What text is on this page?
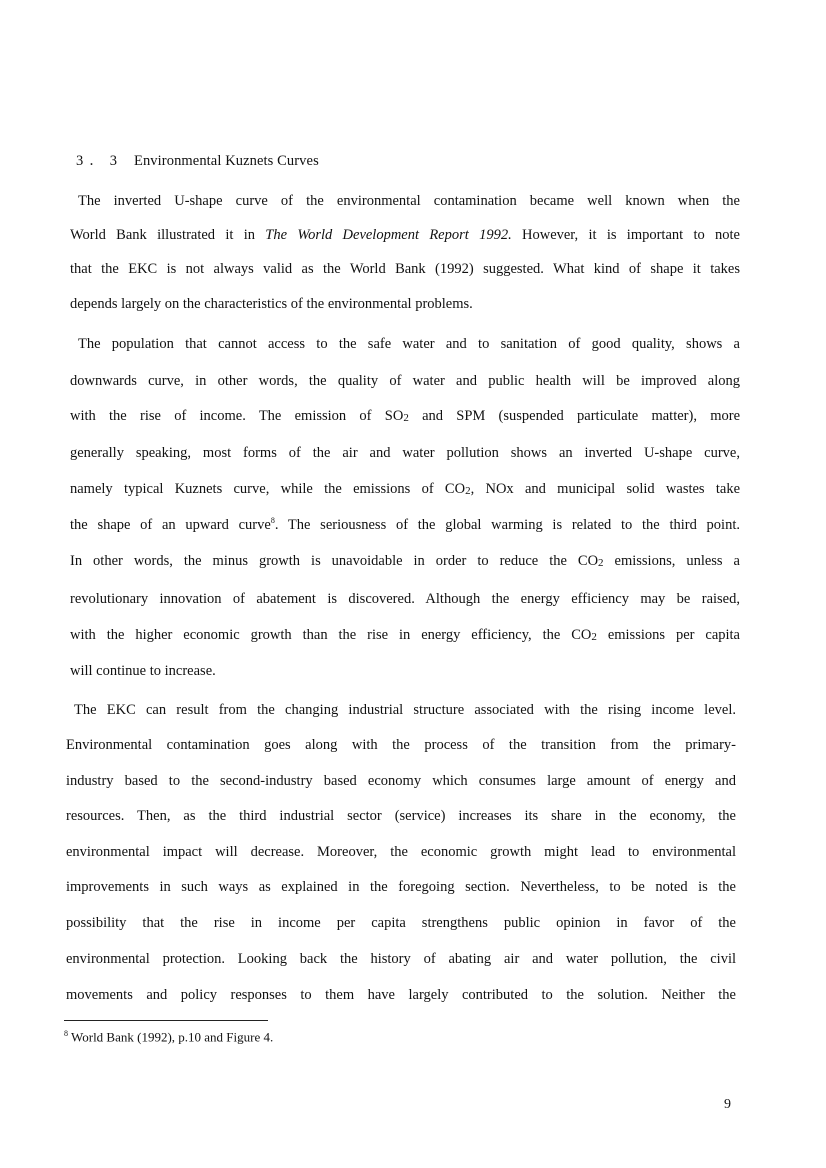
3．3 Environmental Kuznets Curves
The inverted U-shape curve of the environmental contamination became well known when the
World Bank illustrated it in The World Development Report 1992. However, it is important to note
that the EKC is not always valid as the World Bank (1992) suggested. What kind of shape it takes
depends largely on the characteristics of the environmental problems.
The population that cannot access to the safe water and to sanitation of good quality, shows a
downwards curve, in other words, the quality of water and public health will be improved along
with the rise of income. The emission of $SO_2$ and SPM (suspended particulate matter), more
generally speaking, most forms of the air and water pollution shows an inverted U-shape curve,
namely typical Kuznets curve, while the emissions of $CO_2$, NOx and municipal solid wastes take
the shape of an upward curve$^8$. The seriousness of the global warming is related to the third point.
In other words, the minus growth is unavoidable in order to reduce the $CO_2$ emissions, unless a
revolutionary innovation of abatement is discovered. Although the energy efficiency may be raised,
with the higher economic growth than the rise in energy efficiency, the $CO_2$ emissions per capita
will continue to increase.
The EKC can result from the changing industrial structure associated with the rising income level.
Environmental contamination goes along with the process of the transition from the primary-
industry based to the second-industry based economy which consumes large amount of energy and
resources. Then, as the third industrial sector (service) increases its share in the economy, the
environmental impact will decrease. Moreover, the economic growth might lead to environmental
improvements in such ways as explained in the foregoing section. Nevertheless, to be noted is the
possibility that the rise in income per capita strengthens public opinion in favor of the
environmental protection. Looking back the history of abating air and water pollution, the civil
movements and policy responses to them have largely contributed to the solution. Neither the
$^8$ World Bank (1992), p.10 and Figure 4.
9
